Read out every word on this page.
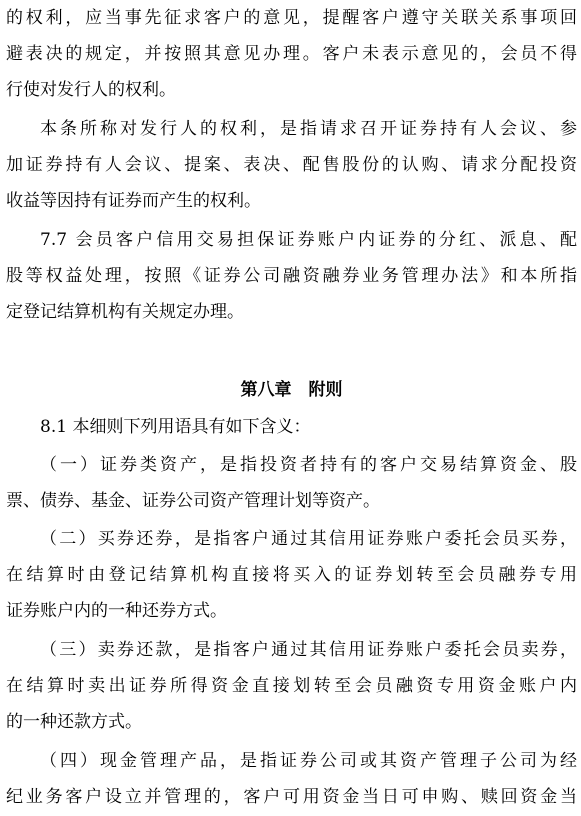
的权利，应当事先征求客户的意见，提醒客户遵守关联关系事项回
避表决的规定，并按照其意见办理。客户未表示意见的，会员不得
行使对发行人的权利。
本条所称对发行人的权利，是指请求召开证券持有人会议、参
加证券持有人会议、提案、表决、配售股份的认购、请求分配投资
收益等因持有证券而产生的权利。
7.7 会员客户信用交易担保证券账户内证券的分红、派息、配
股等权益处理，按照《证券公司融资融券业务管理办法》和本所指
定登记结算机构有关规定办理。
第八章　附则
8.1 本细则下列用语具有如下含义：
（一）证券类资产，是指投资者持有的客户交易结算资金、股
票、债券、基金、证券公司资产管理计划等资产。
（二）买券还券，是指客户通过其信用证券账户委托会员买券，
在结算时由登记结算机构直接将买入的证券划转至会员融券专用
证券账户内的一种还券方式。
（三）卖券还款，是指客户通过其信用证券账户委托会员卖券，
在结算时卖出证券所得资金直接划转至会员融资专用资金账户内
的一种还款方式。
（四）现金管理产品，是指证券公司或其资产管理子公司为经
纪业务客户设立并管理的，客户可用资金当日可申购、赎回资金当
